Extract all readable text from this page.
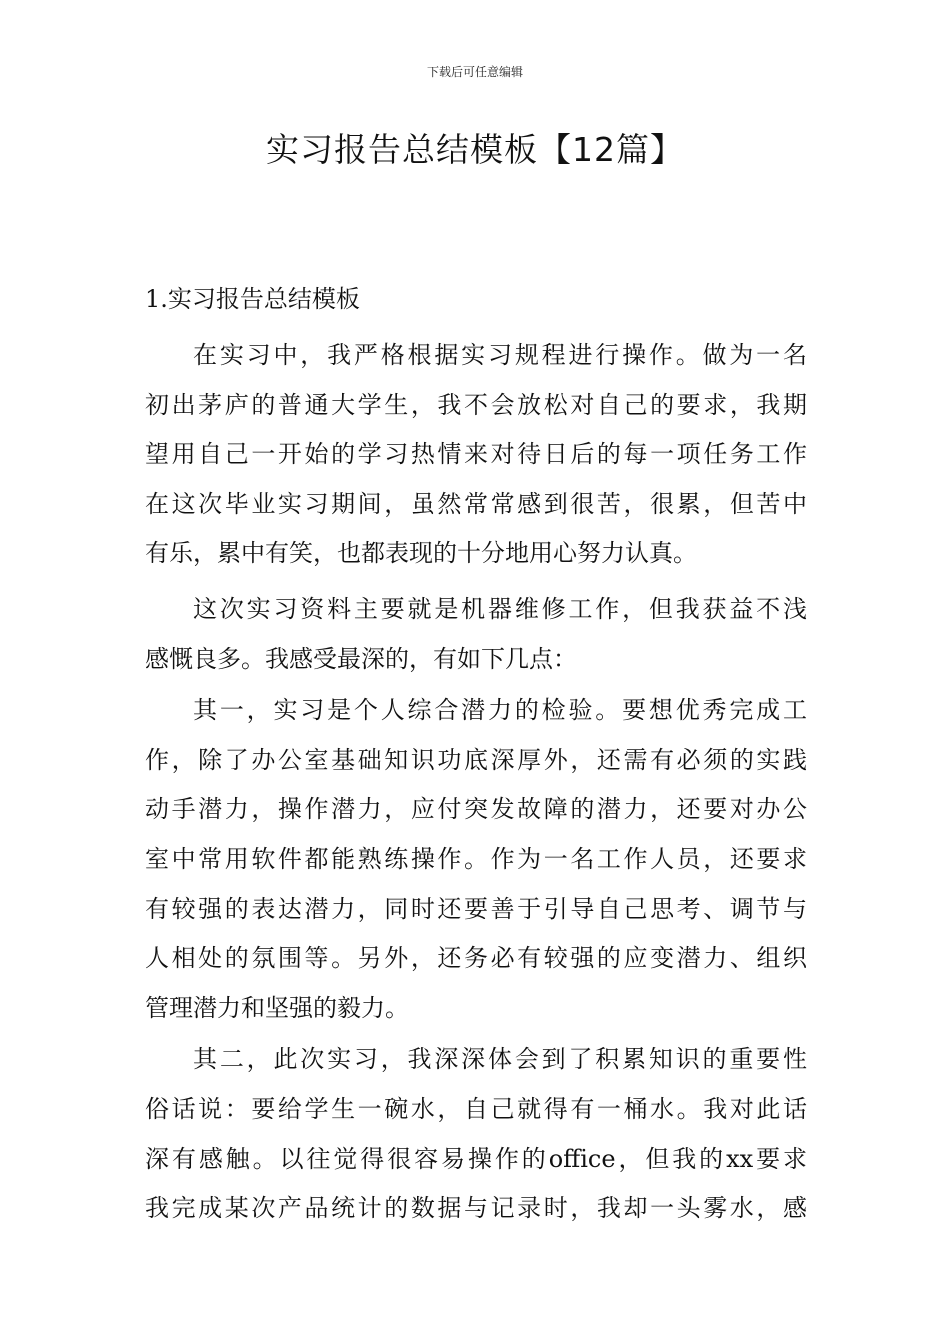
下载后可任意编辑
实习报告总结模板【12篇】
1.实习报告总结模板

在实习中，我严格根据实习规程进行操作。做为一名
初出茅庐的普通大学生，我不会放松对自己的要求，我期
望用自己一开始的学习热情来对待日后的每一项任务工作
在这次毕业实习期间，虽然常常感到很苦，很累，但苦中
有乐，累中有笑，也都表现的十分地用心努力认真。

这次实习资料主要就是机器维修工作，但我获益不浅
感慨良多。我感受最深的，有如下几点：

其一，实习是个人综合潜力的检验。要想优秀完成工
作，除了办公室基础知识功底深厚外，还需有必须的实践
动手潜力，操作潜力，应付突发故障的潜力，还要对办公
室中常用软件都能熟练操作。作为一名工作人员，还要求
有较强的表达潜力，同时还要善于引导自己思考、调节与
人相处的氛围等。另外，还务必有较强的应变潜力、组织
管理潜力和坚强的毅力。

其二，此次实习，我深深体会到了积累知识的重要性
俗话说：要给学生一碗水，自己就得有一桶水。我对此话
深有感触。以往觉得很容易操作的office，但我的xx要求
我完成某次产品统计的数据与记录时，我却一头雾水，感
